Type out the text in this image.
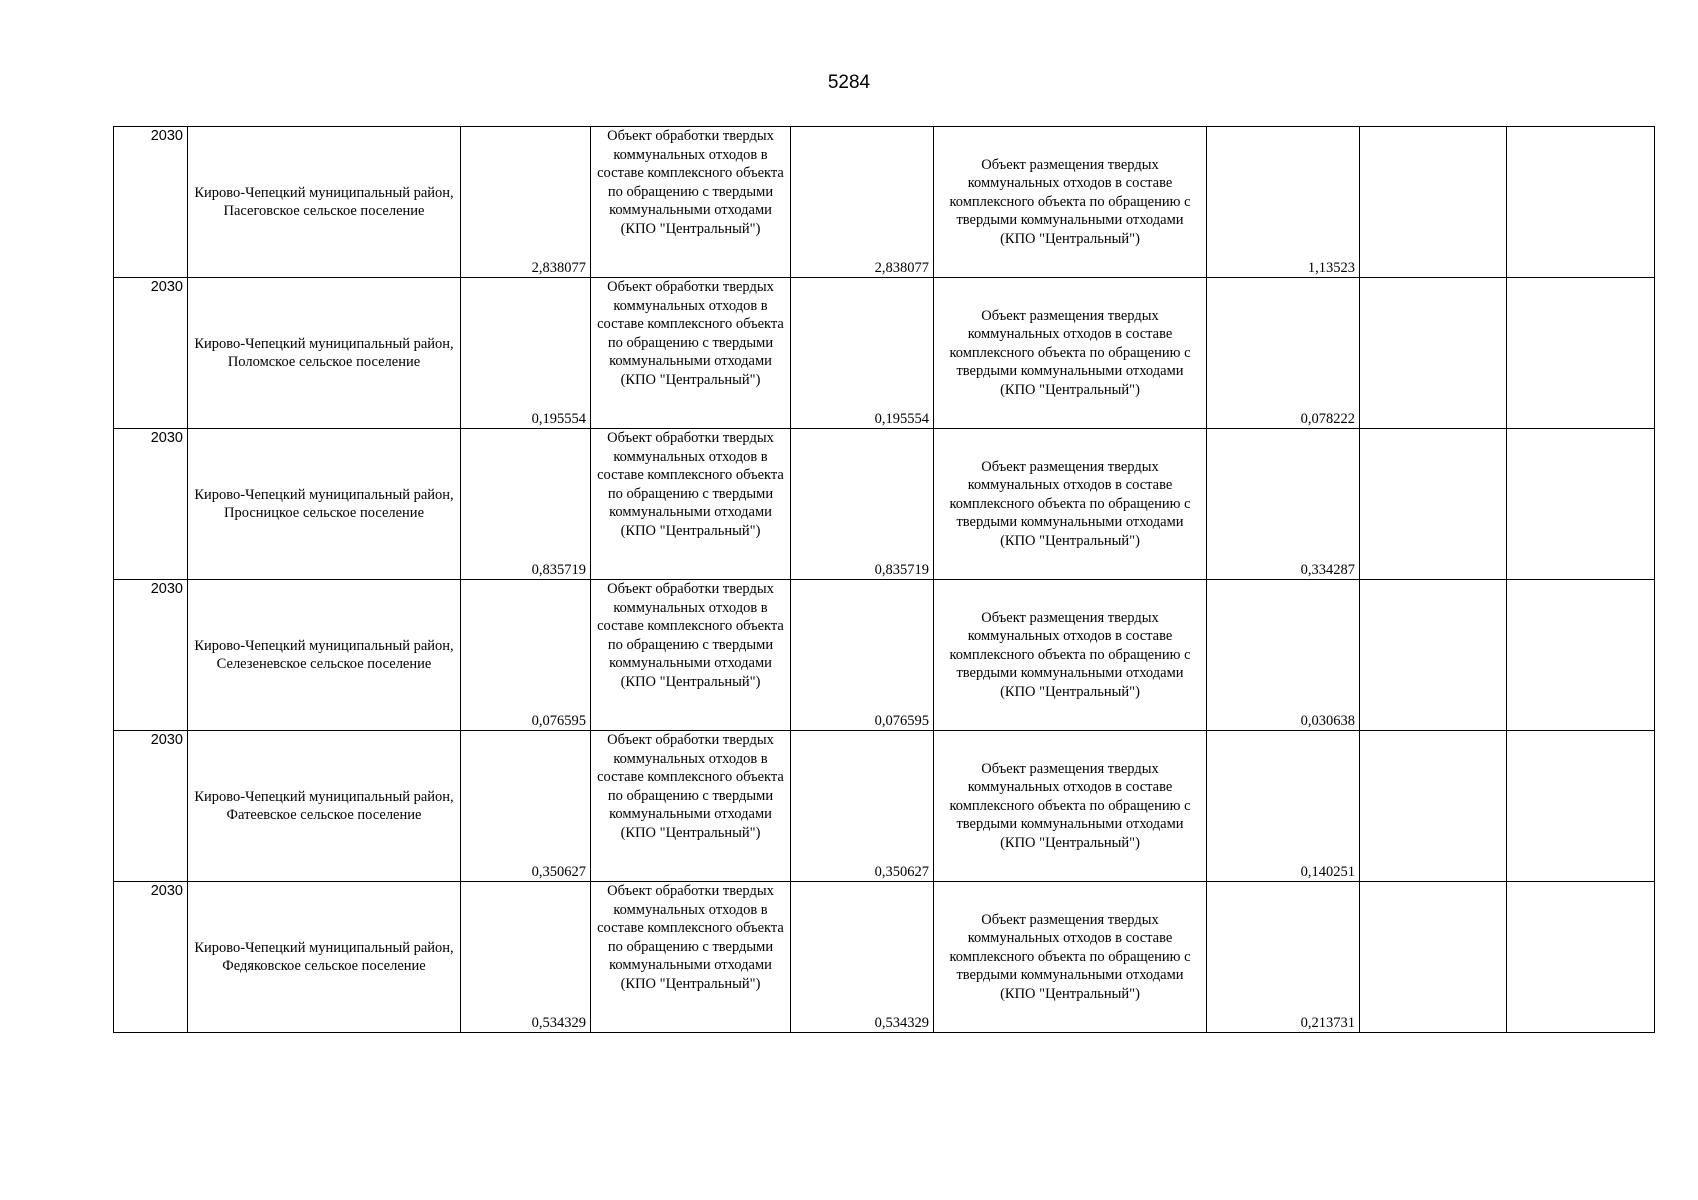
5284
2030	Кирово-Чепецкий муниципальный район, Пасеговское сельское поселение	2,838077	Объект обработки твердых коммунальных отходов в составе комплексного объекта по обращению с твердыми коммунальными отходами (КПО "Центральный")	2,838077	Объект размещения твердых коммунальных отходов в составе комплексного объекта по обращению с твердыми коммунальными отходами (КПО "Центральный")	1,13523		
2030	Кирово-Чепецкий муниципальный район, Поломское сельское поселение	0,195554	Объект обработки твердых коммунальных отходов в составе комплексного объекта по обращению с твердыми коммунальными отходами (КПО "Центральный")	0,195554	Объект размещения твердых коммунальных отходов в составе комплексного объекта по обращению с твердыми коммунальными отходами (КПО "Центральный")	0,078222		
2030	Кирово-Чепецкий муниципальный район, Просницкое сельское поселение	0,835719	Объект обработки твердых коммунальных отходов в составе комплексного объекта по обращению с твердыми коммунальными отходами (КПО "Центральный")	0,835719	Объект размещения твердых коммунальных отходов в составе комплексного объекта по обращению с твердыми коммунальными отходами (КПО "Центральный")	0,334287		
2030	Кирово-Чепецкий муниципальный район, Селезеневское сельское поселение	0,076595	Объект обработки твердых коммунальных отходов в составе комплексного объекта по обращению с твердыми коммунальными отходами (КПО "Центральный")	0,076595	Объект размещения твердых коммунальных отходов в составе комплексного объекта по обращению с твердыми коммунальными отходами (КПО "Центральный")	0,030638		
2030	Кирово-Чепецкий муниципальный район, Фатеевское сельское поселение	0,350627	Объект обработки твердых коммунальных отходов в составе комплексного объекта по обращению с твердыми коммунальными отходами (КПО "Центральный")	0,350627	Объект размещения твердых коммунальных отходов в составе комплексного объекта по обращению с твердыми коммунальными отходами (КПО "Центральный")	0,140251		
2030	Кирово-Чепецкий муниципальный район, Федяковское сельское поселение	0,534329	Объект обработки твердых коммунальных отходов в составе комплексного объекта по обращению с твердыми коммунальными отходами (КПО "Центральный")	0,534329	Объект размещения твердых коммунальных отходов в составе комплексного объекта по обращению с твердыми коммунальными отходами (КПО "Центральный")	0,213731		
